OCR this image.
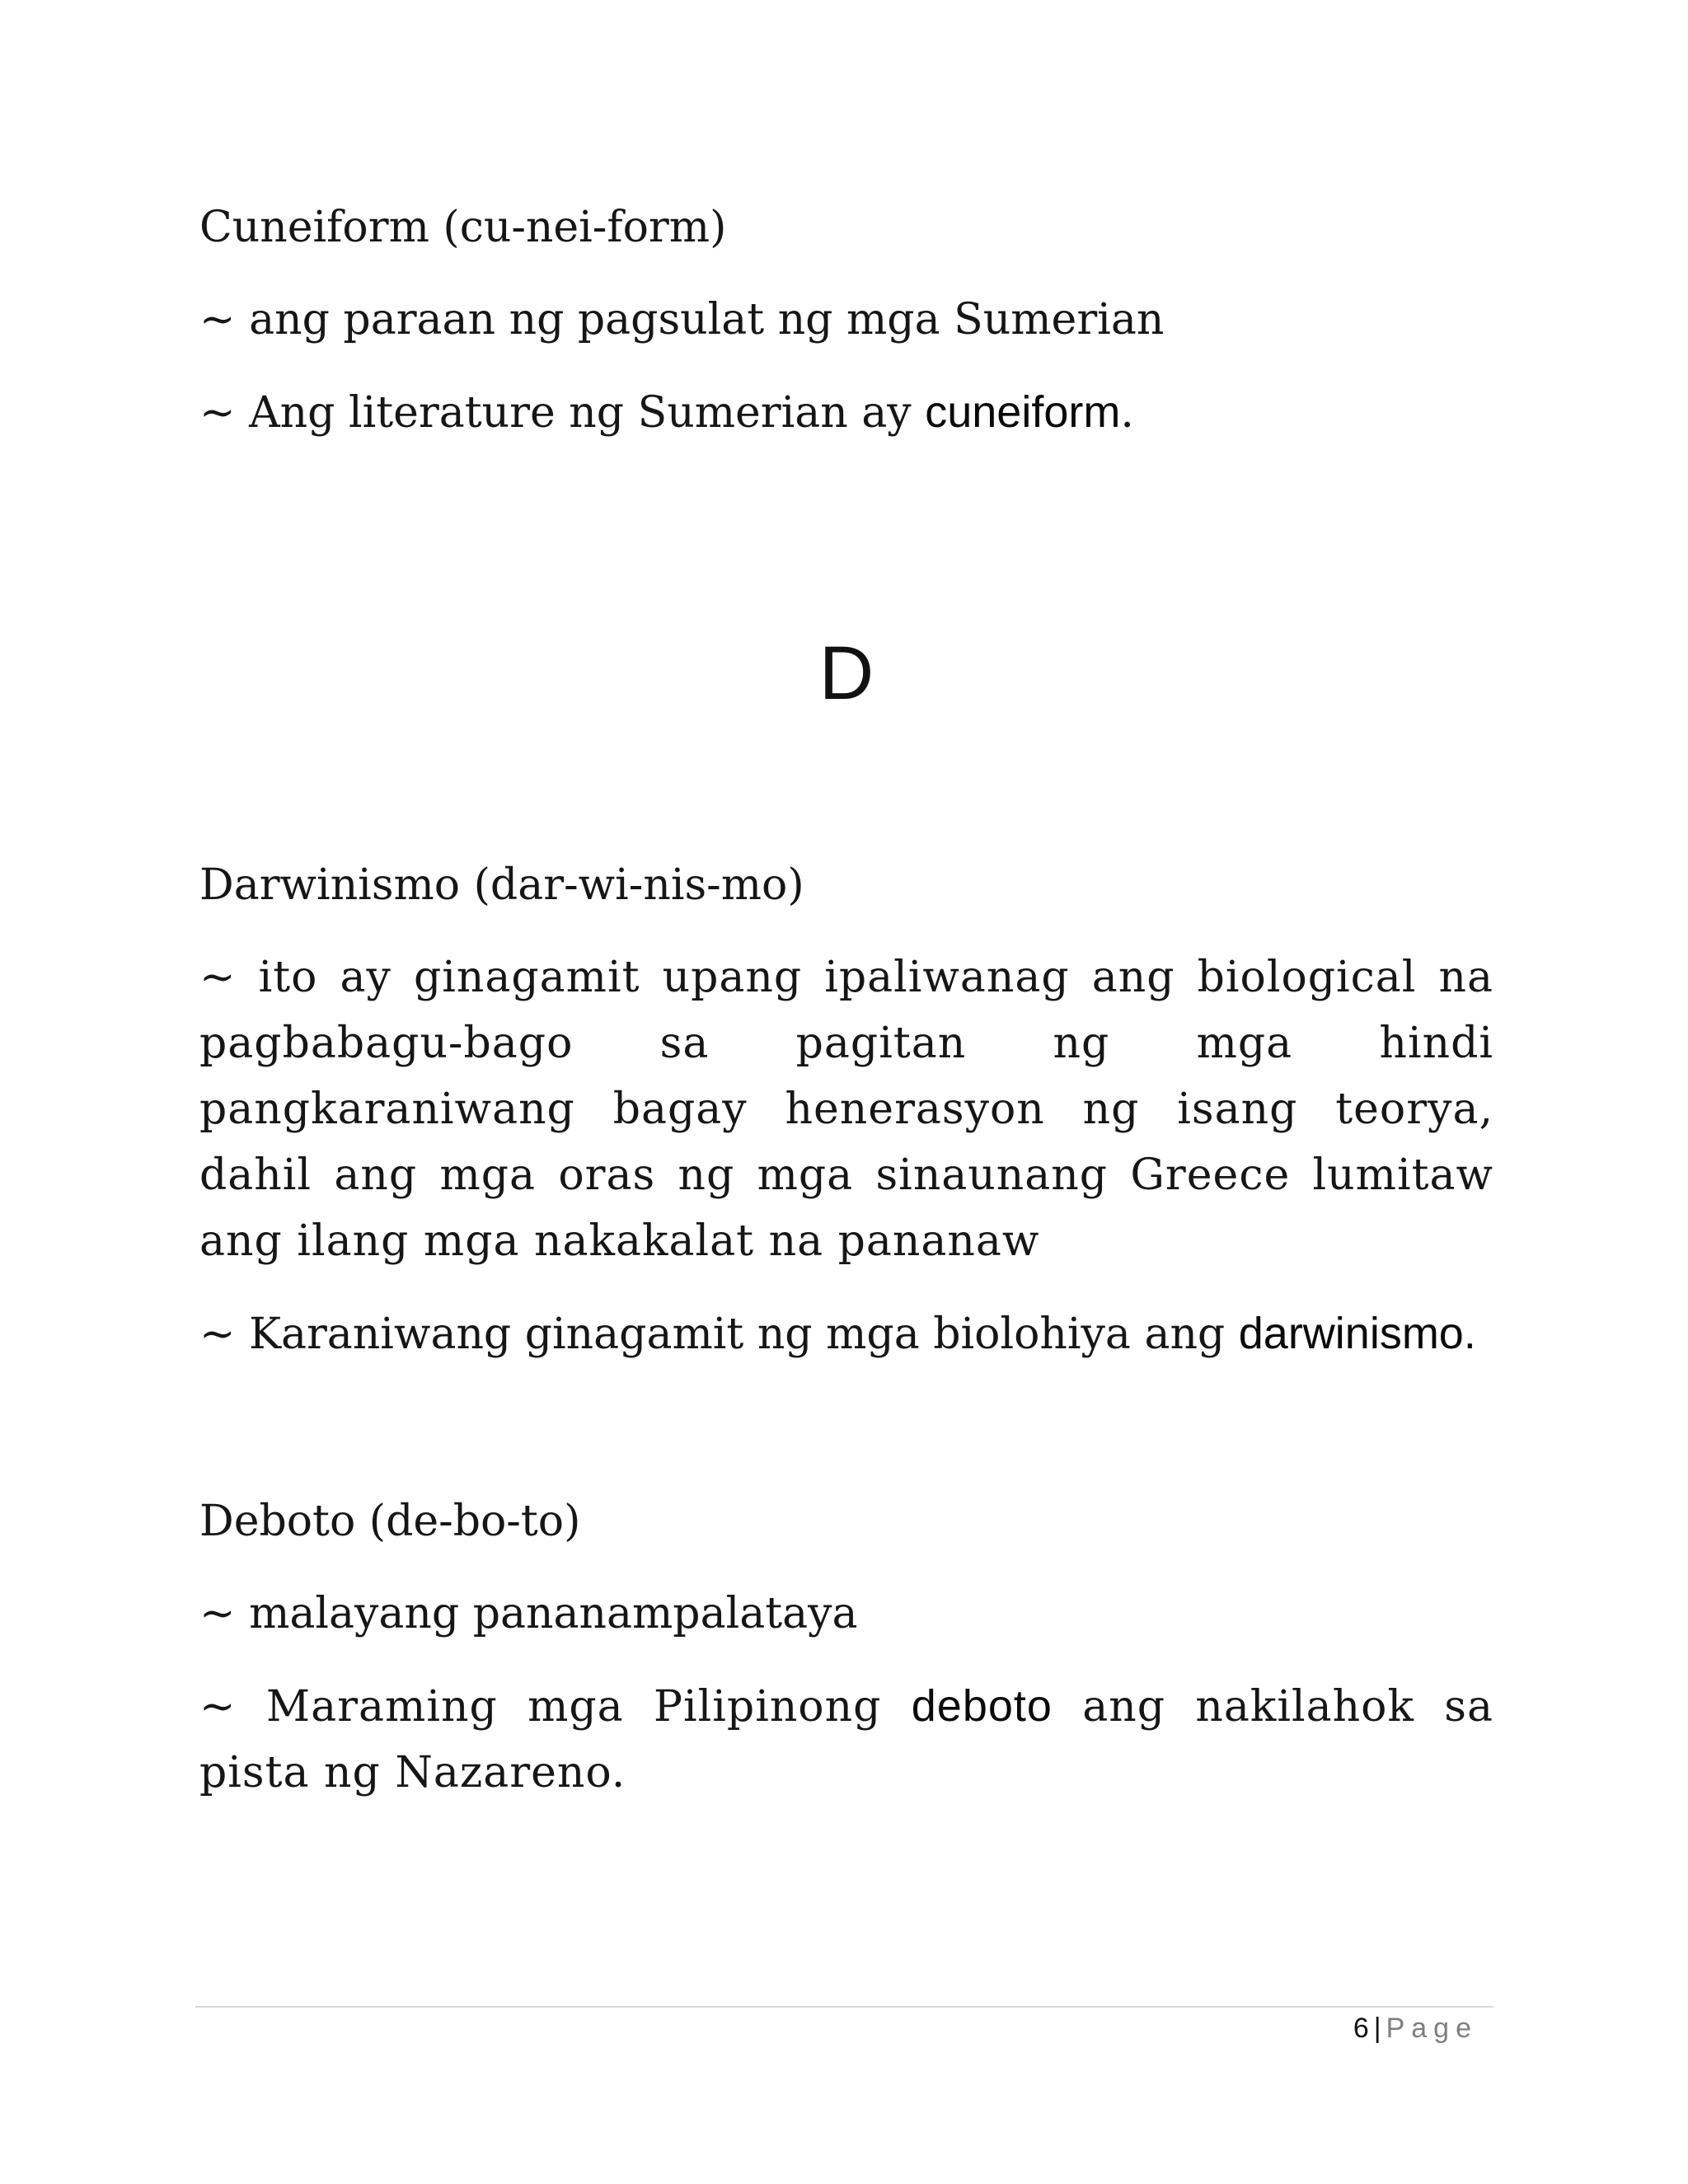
Cuneiform (cu-nei-form)
~ ang paraan ng pagsulat ng mga Sumerian
~ Ang literature ng Sumerian ay cuneiform.
D
Darwinismo (dar-wi-nis-mo)
~ ito ay ginagamit upang ipaliwanag ang biological na pagbabagu-bago sa pagitan ng mga hindi pangkaraniwang bagay henerasyon ng isang teorya, dahil ang mga oras ng mga sinaunang Greece lumitaw ang ilang mga nakakalat na pananaw
~ Karaniwang ginagamit ng mga biolohiya ang darwinismo.
Deboto (de-bo-to)
~ malayang pananampalataya
~ Maraming mga Pilipinong deboto ang nakilahok sa pista ng Nazareno.
6 | Page
